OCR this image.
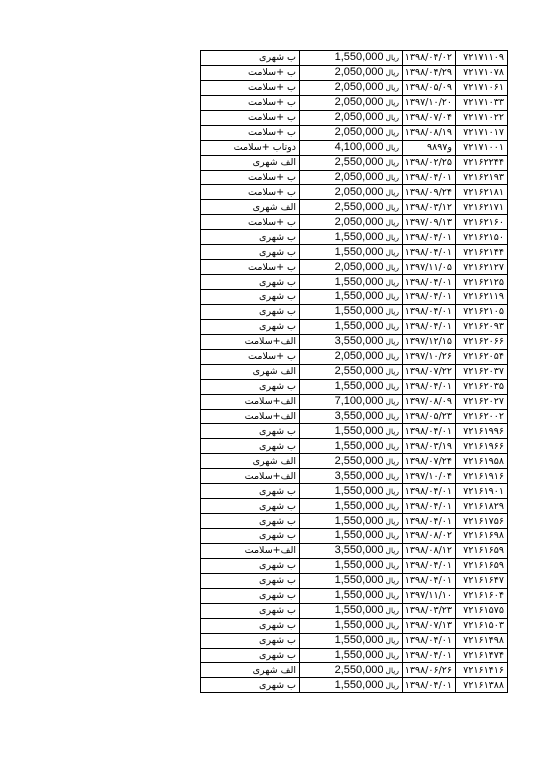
ب شهری	1,550,000 ریال	۱۳۹۸/۰۴/۰۲	۷۲۱۷۱۱۰۹
ب +سلامت	2,050,000 ریال	۱۳۹۸/۰۴/۲۹	۷۲۱۷۱۰۷۸
ب +سلامت	2,050,000 ریال	۱۳۹۸/۰۵/۰۹	۷۲۱۷۱۰۶۱
ب +سلامت	2,050,000 ریال	۱۳۹۷/۱۰/۲۰	۷۲۱۷۱۰۳۳
ب +سلامت	2,050,000 ریال	۱۳۹۸/۰۷/۰۴	۷۲۱۷۱۰۲۲
ب +سلامت	2,050,000 ریال	۱۳۹۸/۰۸/۱۹	۷۲۱۷۱۰۱۷
دوتاب +سلامت	4,100,000 ریال	۹۸و۹۷	۷۲۱۷۱۰۰۱
الف شهری	2,550,000 ریال	۱۳۹۸/۰۲/۲۵	۷۲۱۶۲۲۴۴
ب +سلامت	2,050,000 ریال	۱۳۹۸/۰۴/۰۱	۷۲۱۶۲۱۹۳
ب +سلامت	2,050,000 ریال	۱۳۹۸/۰۹/۲۴	۷۲۱۶۲۱۸۱
الف شهری	2,550,000 ریال	۱۳۹۸/۰۳/۱۲	۷۲۱۶۲۱۷۱
ب +سلامت	2,050,000 ریال	۱۳۹۷/۰۹/۱۳	۷۲۱۶۲۱۶۰
ب شهری	1,550,000 ریال	۱۳۹۸/۰۴/۰۱	۷۲۱۶۲۱۵۰
ب شهری	1,550,000 ریال	۱۳۹۸/۰۴/۰۱	۷۲۱۶۲۱۴۴
ب +سلامت	2,050,000 ریال	۱۳۹۷/۱۱/۰۵	۷۲۱۶۲۱۲۷
ب شهری	1,550,000 ریال	۱۳۹۸/۰۴/۰۱	۷۲۱۶۲۱۲۵
ب شهری	1,550,000 ریال	۱۳۹۸/۰۴/۰۱	۷۲۱۶۲۱۱۹
ب شهری	1,550,000 ریال	۱۳۹۸/۰۴/۰۱	۷۲۱۶۲۱۰۵
ب شهری	1,550,000 ریال	۱۳۹۸/۰۴/۰۱	۷۲۱۶۲۰۹۳
الف+سلامت	3,550,000 ریال	۱۳۹۷/۱۲/۱۵	۷۲۱۶۲۰۶۶
ب +سلامت	2,050,000 ریال	۱۳۹۷/۱۰/۲۶	۷۲۱۶۲۰۵۴
الف شهری	2,550,000 ریال	۱۳۹۸/۰۷/۲۲	۷۲۱۶۲۰۳۷
ب شهری	1,550,000 ریال	۱۳۹۸/۰۴/۰۱	۷۲۱۶۲۰۳۵
الف+سلامت	7,100,000 ریال	۱۳۹۷/۰۸/۰۹	۷۲۱۶۲۰۲۷
الف+سلامت	3,550,000 ریال	۱۳۹۸/۰۵/۲۳	۷۲۱۶۲۰۰۲
ب شهری	1,550,000 ریال	۱۳۹۸/۰۴/۰۱	۷۲۱۶۱۹۹۶
ب شهری	1,550,000 ریال	۱۳۹۸/۰۳/۱۹	۷۲۱۶۱۹۶۶
الف شهری	2,550,000 ریال	۱۳۹۸/۰۷/۲۴	۷۲۱۶۱۹۵۸
الف+سلامت	3,550,000 ریال	۱۳۹۷/۱۰/۰۴	۷۲۱۶۱۹۱۶
ب شهری	1,550,000 ریال	۱۳۹۸/۰۴/۰۱	۷۲۱۶۱۹۰۱
ب شهری	1,550,000 ریال	۱۳۹۸/۰۴/۰۱	۷۲۱۶۱۸۲۹
ب شهری	1,550,000 ریال	۱۳۹۸/۰۴/۰۱	۷۲۱۶۱۷۵۶
ب شهری	1,550,000 ریال	۱۳۹۸/۰۸/۰۲	۷۲۱۶۱۶۹۸
الف+سلامت	3,550,000 ریال	۱۳۹۸/۰۸/۱۲	۷۲۱۶۱۶۵۹
ب شهری	1,550,000 ریال	۱۳۹۸/۰۴/۰۱	۷۲۱۶۱۶۵۹
ب شهری	1,550,000 ریال	۱۳۹۸/۰۴/۰۱	۷۲۱۶۱۶۴۷
ب شهری	1,550,000 ریال	۱۳۹۷/۱۱/۱۰	۷۲۱۶۱۶۰۴
ب شهری	1,550,000 ریال	۱۳۹۸/۰۳/۲۳	۷۲۱۶۱۵۷۵
ب شهری	1,550,000 ریال	۱۳۹۸/۰۷/۱۳	۷۲۱۶۱۵۰۳
ب شهری	1,550,000 ریال	۱۳۹۸/۰۴/۰۱	۷۲۱۶۱۴۹۸
ب شهری	1,550,000 ریال	۱۳۹۸/۰۴/۰۱	۷۲۱۶۱۴۷۴
الف شهری	2,550,000 ریال	۱۳۹۸/۰۶/۲۶	۷۲۱۶۱۴۱۶
ب شهری	1,550,000 ریال	۱۳۹۸/۰۴/۰۱	۷۲۱۶۱۳۸۸
